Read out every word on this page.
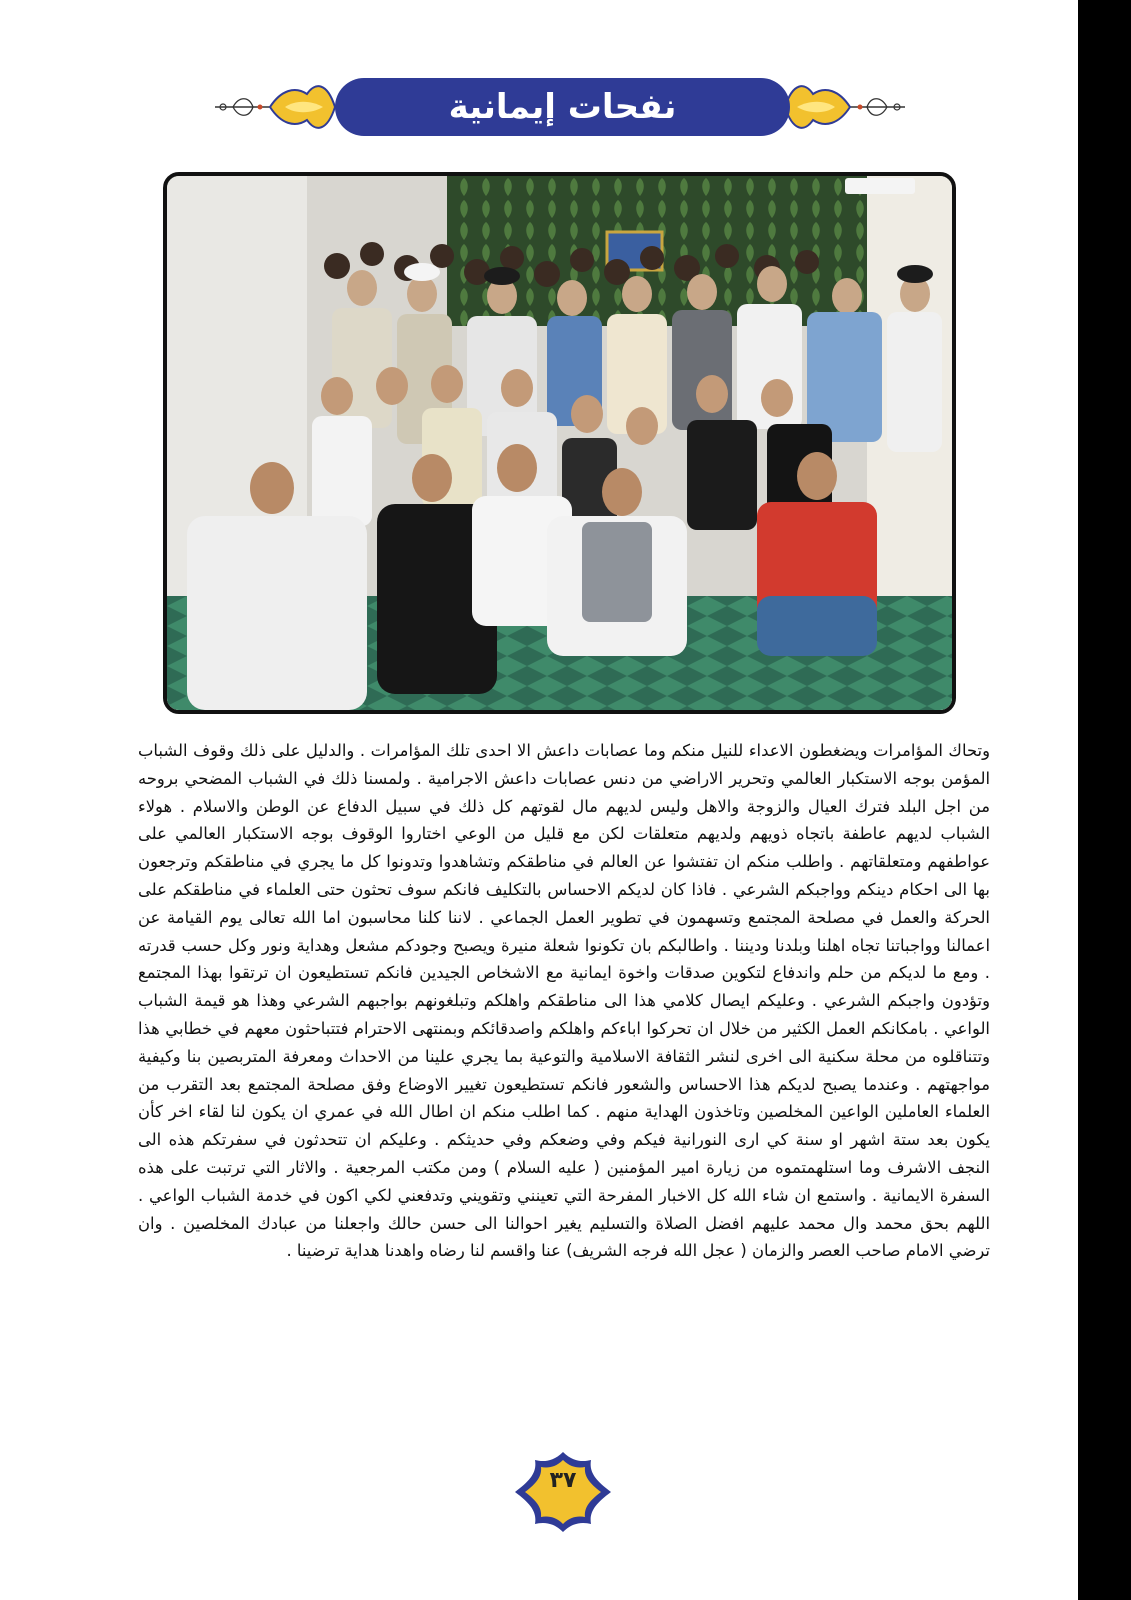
نفحات إيمانية

وتحاك المؤامرات ويضغطون الاعداء للنيل منكم وما عصابات داعش الا احدى تلك المؤامرات . والدليل على ذلك وقوف الشباب المؤمن بوجه الاستكبار العالمي وتحرير الاراضي من دنس عصابات داعش الاجرامية . ولمسنا ذلك في الشباب المضحي بروحه من اجل البلد فترك العيال والزوجة والاهل وليس لديهم مال لقوتهم كل ذلك في سبيل الدفاع عن الوطن والاسلام . هولاء الشباب لديهم عاطفة باتجاه ذويهم ولديهم متعلقات لكن مع قليل من الوعي اختاروا الوقوف بوجه الاستكبار العالمي على عواطفهم ومتعلقاتهم . واطلب منكم ان تفتشوا عن العالم في مناطقكم وتشاهدوا وتدونوا كل ما يجري في مناطقكم وترجعون بها الى احكام دينكم وواجبكم الشرعي . فاذا كان لديكم الاحساس بالتكليف فانكم سوف تحثون حتى العلماء في مناطقكم على الحركة والعمل في مصلحة المجتمع وتسهمون في تطوير العمل الجماعي . لاننا كلنا محاسبون اما الله تعالى يوم القيامة عن اعمالنا وواجباتنا تجاه اهلنا وبلدنا وديننا . واطالبكم بان تكونوا شعلة منيرة ويصبح وجودكم مشعل وهداية ونور وكل حسب قدرته . ومع ما لديكم من حلم واندفاع لتكوين صدقات واخوة ايمانية مع الاشخاص الجيدين فانكم تستطيعون ان ترتقوا بهذا المجتمع وتؤدون واجبكم الشرعي . وعليكم ايصال كلامي هذا الى مناطقكم واهلكم وتبلغونهم بواجبهم الشرعي وهذا هو قيمة الشباب الواعي . بامكانكم العمل الكثير من خلال ان تحركوا اباءكم واهلكم واصدقائكم وبمنتهى الاحترام فتتباحثون معهم في خطابي هذا وتتناقلوه من محلة سكنية الى اخرى لنشر الثقافة الاسلامية والتوعية بما يجري علينا من الاحداث ومعرفة المتربصين بنا وكيفية مواجهتهم . وعندما يصبح لديكم هذا الاحساس والشعور فانكم تستطيعون تغيير الاوضاع وفق مصلحة المجتمع بعد التقرب من العلماء العاملين الواعين المخلصين وتاخذون الهداية منهم . كما اطلب منكم ان اطال الله في عمري ان يكون لنا لقاء اخر كأن يكون بعد ستة اشهر او سنة كي ارى النورانية فيكم وفي وضعكم وفي حديثكم . وعليكم ان تتحدثون في سفرتكم هذه الى النجف الاشرف وما استلهمتموه من زيارة امير المؤمنين ( عليه السلام ) ومن مكتب المرجعية . والاثار التي ترتبت على هذه السفرة الايمانية . واستمع ان شاء الله كل الاخبار المفرحة التي تعينني وتقويني وتدفعني لكي اكون في خدمة الشباب الواعي . اللهم بحق محمد وال محمد عليهم افضل الصلاة والتسليم يغير احوالنا الى حسن حالك واجعلنا من عبادك المخلصين . وان ترضي الامام صاحب العصر والزمان ( عجل الله فرجه الشريف) عنا واقسم لنا رضاه واهدنا هداية ترضينا .

٣٧
